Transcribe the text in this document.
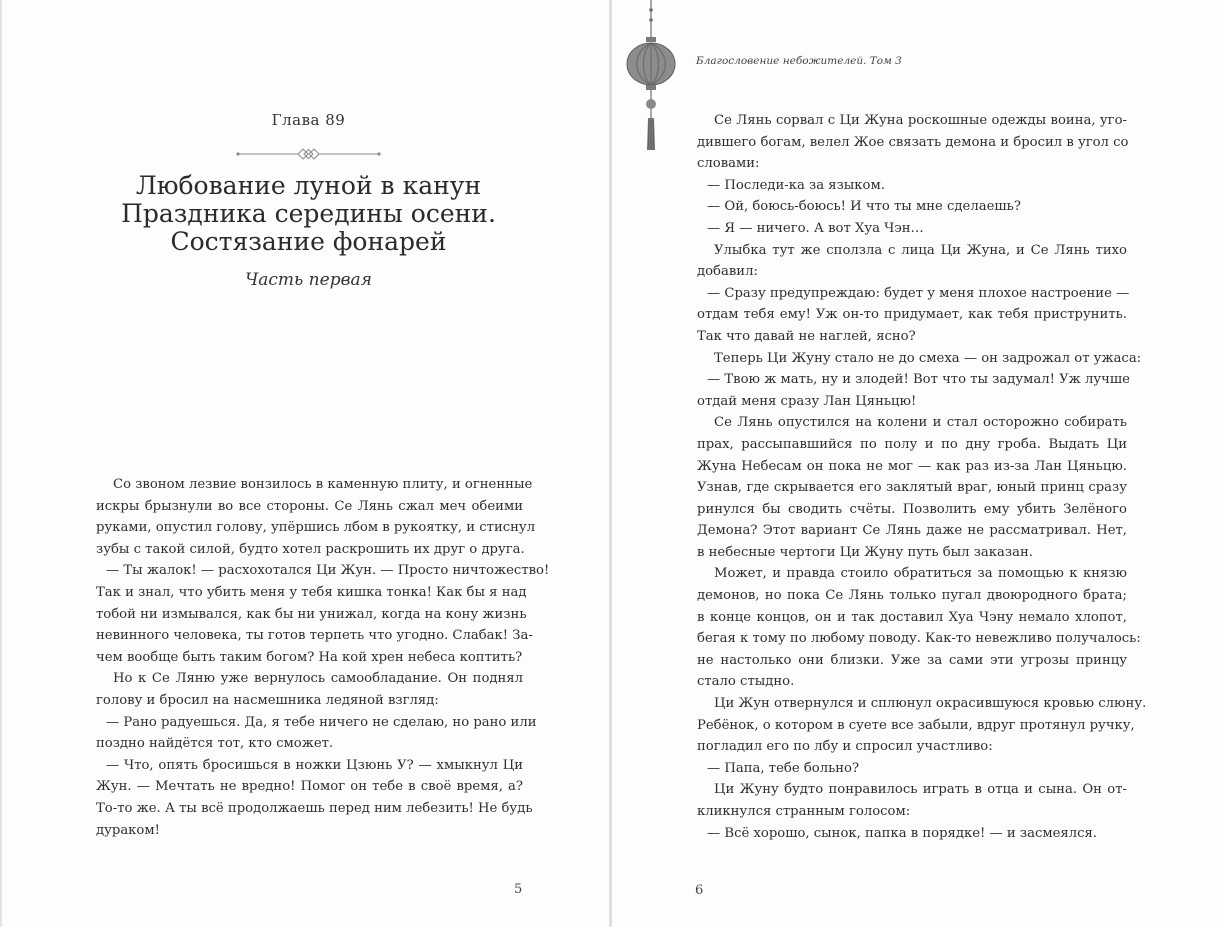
Глава 89
Любование луной в канун
Праздника середины осени.
Состязание фонарей
Часть первая
Со звоном лезвие вонзилось в каменную плиту, и огненные
искры брызнули во все стороны. Се Лянь сжал меч обеими
руками, опустил голову, упёршись лбом в рукоятку, и стиснул
зубы с такой силой, будто хотел раскрошить их друг о друга.
— Ты жалок! — расхохотался Ци Жун. — Просто ничтожество!
Так и знал, что убить меня у тебя кишка тонка! Как бы я над
тобой ни измывался, как бы ни унижал, когда на кону жизнь
невинного человека, ты готов терпеть что угодно. Слабак! За-
чем вообще быть таким богом? На кой хрен небеса коптить?
Но к Се Ляню уже вернулось самообладание. Он поднял
голову и бросил на насмешника ледяной взгляд:
— Рано радуешься. Да, я тебе ничего не сделаю, но рано или
поздно найдётся тот, кто сможет.
— Что, опять бросишься в ножки Цзюнь У? — хмыкнул Ци
Жун. — Мечтать не вредно! Помог он тебе в своё время, а?
То-то же. А ты всё продолжаешь перед ним лебезить! Не будь
дураком!
5
Благословение небожителей. Том 3
Се Лянь сорвал с Ци Жуна роскошные одежды воина, уго-
дившего богам, велел Жое связать демона и бросил в угол со
словами:
— Последи-ка за языком.
— Ой, боюсь-боюсь! И что ты мне сделаешь?
— Я — ничего. А вот Хуа Чэн…
Улыбка тут же сползла с лица Ци Жуна, и Се Лянь тихо
добавил:
— Сразу предупреждаю: будет у меня плохое настроение —
отдам тебя ему! Уж он-то придумает, как тебя приструнить.
Так что давай не наглей, ясно?
Теперь Ци Жуну стало не до смеха — он задрожал от ужаса:
— Твою ж мать, ну и злодей! Вот что ты задумал! Уж лучше
отдай меня сразу Лан Цяньцю!
Се Лянь опустился на колени и стал осторожно собирать
прах, рассыпавшийся по полу и по дну гроба. Выдать Ци
Жуна Небесам он пока не мог — как раз из-за Лан Цяньцю.
Узнав, где скрывается его заклятый враг, юный принц сразу
ринулся бы сводить счёты. Позволить ему убить Зелёного
Демона? Этот вариант Се Лянь даже не рассматривал. Нет,
в небесные чертоги Ци Жуну путь был заказан.
Может, и правда стоило обратиться за помощью к князю
демонов, но пока Се Лянь только пугал двоюродного брата;
в конце концов, он и так доставил Хуа Чэну немало хлопот,
бегая к тому по любому поводу. Как-то невежливо получалось:
не настолько они близки. Уже за сами эти угрозы принцу
стало стыдно.
Ци Жун отвернулся и сплюнул окрасившуюся кровью слюну.
Ребёнок, о котором в суете все забыли, вдруг протянул ручку,
погладил его по лбу и спросил участливо:
— Папа, тебе больно?
Ци Жуну будто понравилось играть в отца и сына. Он от-
кликнулся странным голосом:
— Всё хорошо, сынок, папка в порядке! — и засмеялся.
6
